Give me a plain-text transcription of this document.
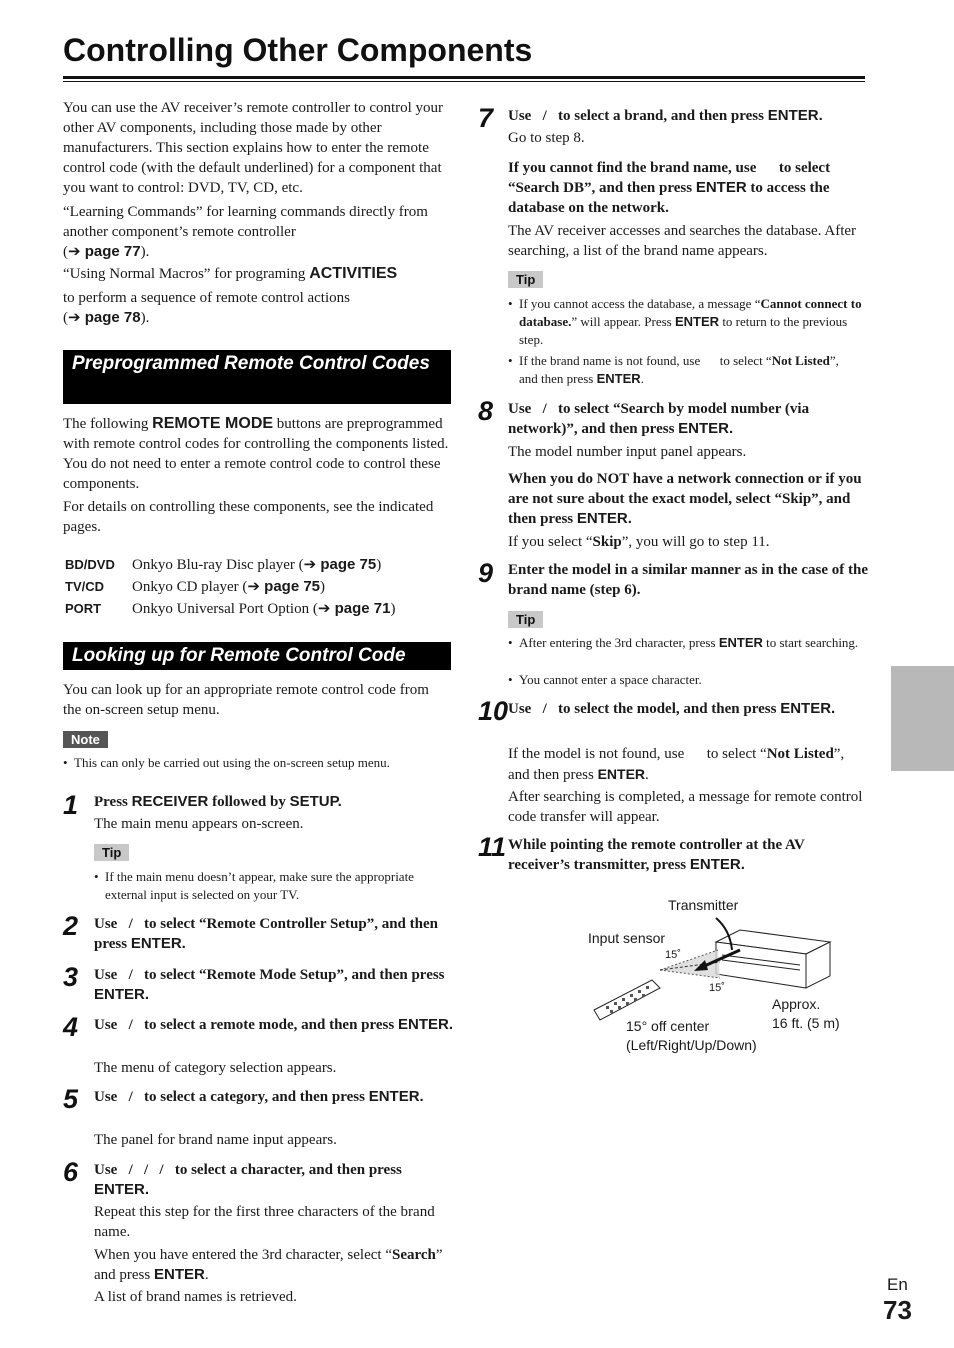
Controlling Other Components

You can use the AV receiver’s remote controller to control your other AV components, including those made by other manufacturers. This section explains how to enter the remote control code (with the default underlined) for a component that you want to control: DVD, TV, CD, etc.

“Learning Commands” for learning commands directly from another component’s remote controller
(➔ page 77).

“Using Normal Macros” for programing ACTIVITIES
to perform a sequence of remote control actions
(➔ page 78).

Preprogrammed Remote Control Codes

The following REMOTE MODE buttons are preprogrammed with remote control codes for controlling the components listed. You do not need to enter a remote control code to control these components.

For details on controlling these components, see the indicated pages.

BD/DVD Onkyo Blu-ray Disc player (➔ page 75)
TV/CD Onkyo CD player (➔ page 75)
PORT Onkyo Universal Port Option (➔ page 71)
Looking up for Remote Control Code

You can look up for an appropriate remote control code from the on-screen setup menu.

Note
• This can only be carried out using the on-screen setup menu.
1 Press RECEIVER followed by SETUP.
The main menu appears on-screen.
Tip
• If the main menu doesn’t appear, make sure the appropriate external input is selected on your TV.
2 Use   /   to select “Remote Controller Setup”, and then press ENTER.
3 Use   /   to select “Remote Mode Setup”, and then press ENTER.
4 Use   /   to select a remote mode, and then press ENTER.
The menu of category selection appears.
5 Use   /   to select a category, and then press ENTER.
The panel for brand name input appears.
6 Use   /   /   /   to select a character, and then press ENTER.
Repeat this step for the first three characters of the brand name.
When you have entered the 3rd character, select “Search” and press ENTER.
A list of brand names is retrieved.
7 Use   /   to select a brand, and then press ENTER.
Go to step 8.
If you cannot find the brand name, use      to select “Search DB”, and then press ENTER to access the database on the network.
The AV receiver accesses and searches the database. After searching, a list of the brand name appears.
Tip
• If you cannot access the database, a message “Cannot connect to database.” will appear. Press ENTER to return to the previous step.
• If the brand name is not found, use      to select “Not Listed”, and then press ENTER.
8 Use   /   to select “Search by model number (via network)”, and then press ENTER.
The model number input panel appears.
When you do NOT have a network connection or if you are not sure about the exact model, select “Skip”, and then press ENTER.
If you select “Skip”, you will go to step 11.
9 Enter the model in a similar manner as in the case of the brand name (step 6).
Tip
• After entering the 3rd character, press ENTER to start searching.
• You cannot enter a space character.
10 Use   /   to select the model, and then press ENTER.
If the model is not found, use      to select “Not Listed”, and then press ENTER.
After searching is completed, a message for remote control code transfer will appear.
11 While pointing the remote controller at the AV receiver’s transmitter, press ENTER.
Transmitter
Input sensor
15˚
15˚
Approx.
16 ft. (5 m)
15° off center
(Left/Right/Up/Down)
En
73
